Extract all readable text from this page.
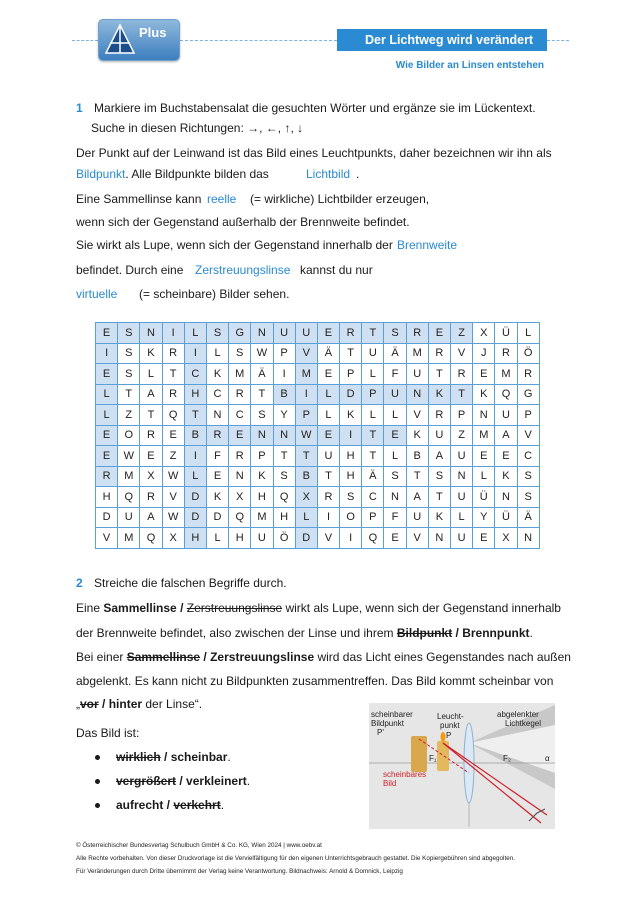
Plus	Der Lichtweg wird verändert
Wie Bilder an Linsen entstehen
1 Markiere im Buchstabensalat die gesuchten Wörter und ergänze sie im Lückentext.
Suche in diesen Richtungen: →, ←, ↑, ↓
Der Punkt auf der Leinwand ist das Bild eines Leuchtpunkts, daher bezeichnen wir ihn als
Bildpunkt. Alle Bildpunkte bilden das	Lichtbild .
Eine Sammellinse kann reelle (= wirkliche) Lichtbilder erzeugen,
wenn sich der Gegenstand außerhalb der Brennweite befindet.
Sie wirkt als Lupe, wenn sich der Gegenstand innerhalb der Brennweite
befindet. Durch eine Zerstreuungslinse kannst du nur
virtuelle (= scheinbare) Bilder sehen.
E	S	N	I	L	S	G	N	U	U	E	R	T	S	R	E	Z	X	Ü	L
I	S	K	R	I	L	S	W	P	V	Ä	T	U	Ä	M	R	V	J	R	Ö
E	S	L	T	C	K	M	Ä	I	M	E	P	L	F	U	T	R	E	M	R
L	T	A	R	H	C	R	T	B	I	L	D	P	U	N	K	T	K	Q	G
L	Z	T	Q	T	N	C	S	Y	P	L	K	L	L	V	R	P	N	U	P
E	O	R	E	B	R	E	N	N	W	E	I	T	E	K	U	Z	M	A	V
E	W	E	Z	I	F	R	P	T	T	U	H	T	L	B	A	U	E	E	C
R	M	X	W	L	E	N	K	S	B	T	H	Ä	S	T	S	N	L	K	S
H	Q	R	V	D	K	X	H	Q	X	R	S	C	N	A	T	U	Ü	N	S
D	U	A	W	D	D	Q	M	H	L	I	O	P	F	U	K	L	Y	Ü	Ä
V	M	Q	X	H	L	H	U	Ö	D	V	I	Q	E	V	N	U	E	X	N
2 Streiche die falschen Begriffe durch.
Eine Sammellinse / Zerstreuungslinse wirkt als Lupe, wenn sich der Gegenstand innerhalb
der Brennweite befindet, also zwischen der Linse und ihrem Bildpunkt / Brennpunkt.
Bei einer Sammellinse / Zerstreuungslinse wird das Licht eines Gegenstandes nach außen
abgelenkt. Es kann nicht zu Bildpunkten zusammentreffen. Das Bild kommt scheinbar von
„vor / hinter der Linse“.
Das Bild ist:
wirklich / scheinbar.
vergrößert / verkleinert.
aufrecht / verkehrt.
scheinbarer
Bildpunkt
P'
Leucht-
punkt
P
abgelenkter
Lichtkegel
F₁	F₂	α
scheinbares
Bild
© Österreichischer Bundesverlag Schulbuch GmbH & Co. KG, Wien 2024 | www.oebv.at
Alle Rechte vorbehalten. Von dieser Druckvorlage ist die Vervielfältigung für den eigenen Unterrichtsgebrauch gestattet. Die Kopiergebühren sind abgegolten.
Für Veränderungen durch Dritte übernimmt der Verlag keine Verantwortung. Bildnachweis: Arnold & Domnick, Leipzig
